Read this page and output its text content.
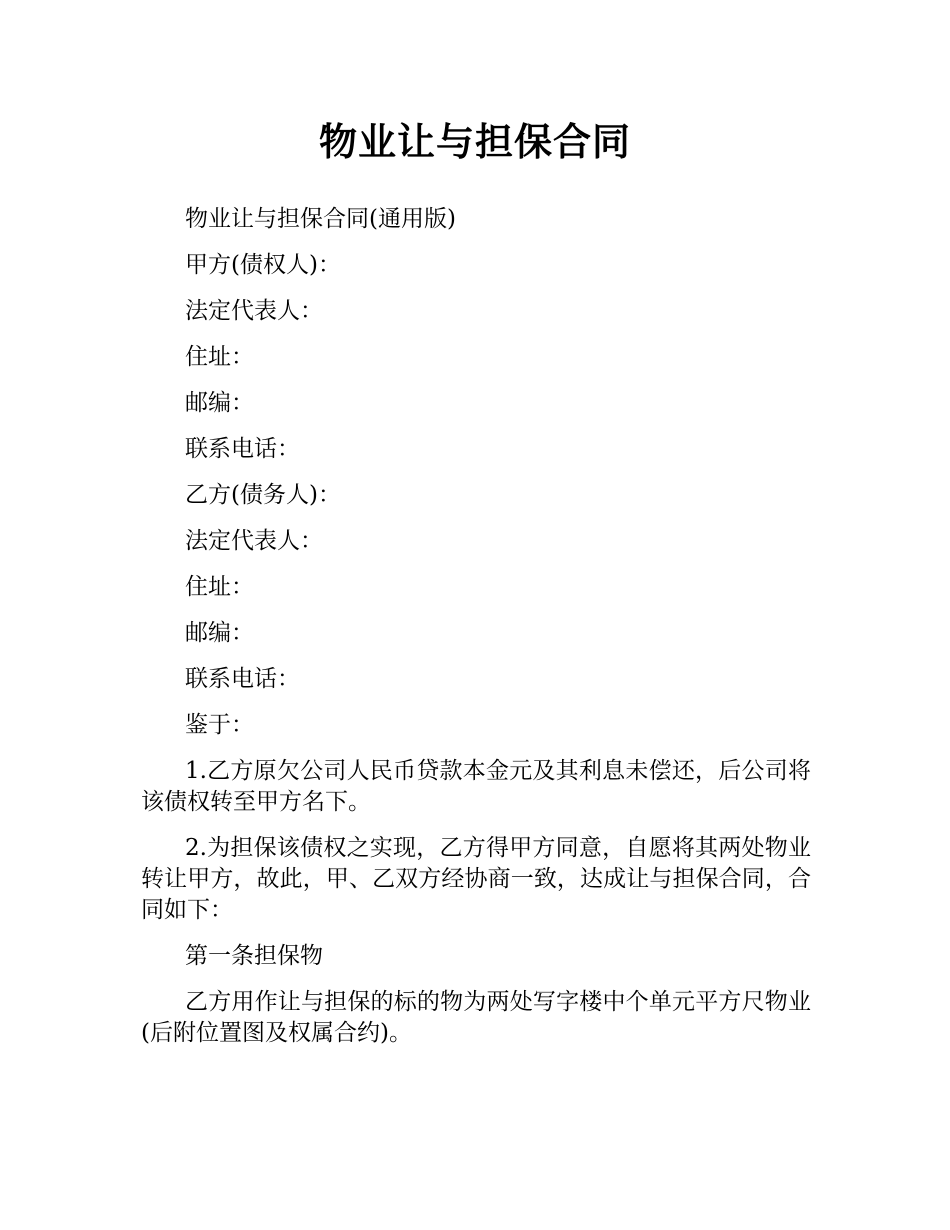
物业让与担保合同

物业让与担保合同(通用版)

甲方(债权人)：

法定代表人：

住址：

邮编：

联系电话：

乙方(债务人)：

法定代表人：

住址：

邮编：

联系电话：

鉴于：

1.乙方原欠公司人民币贷款本金元及其利息未偿还，后公司将该债权转至甲方名下。

2.为担保该债权之实现，乙方得甲方同意，自愿将其两处物业转让甲方，故此，甲、乙双方经协商一致，达成让与担保合同，合同如下：

第一条担保物

乙方用作让与担保的标的物为两处写字楼中个单元平方尺物业(后附位置图及权属合约)。
